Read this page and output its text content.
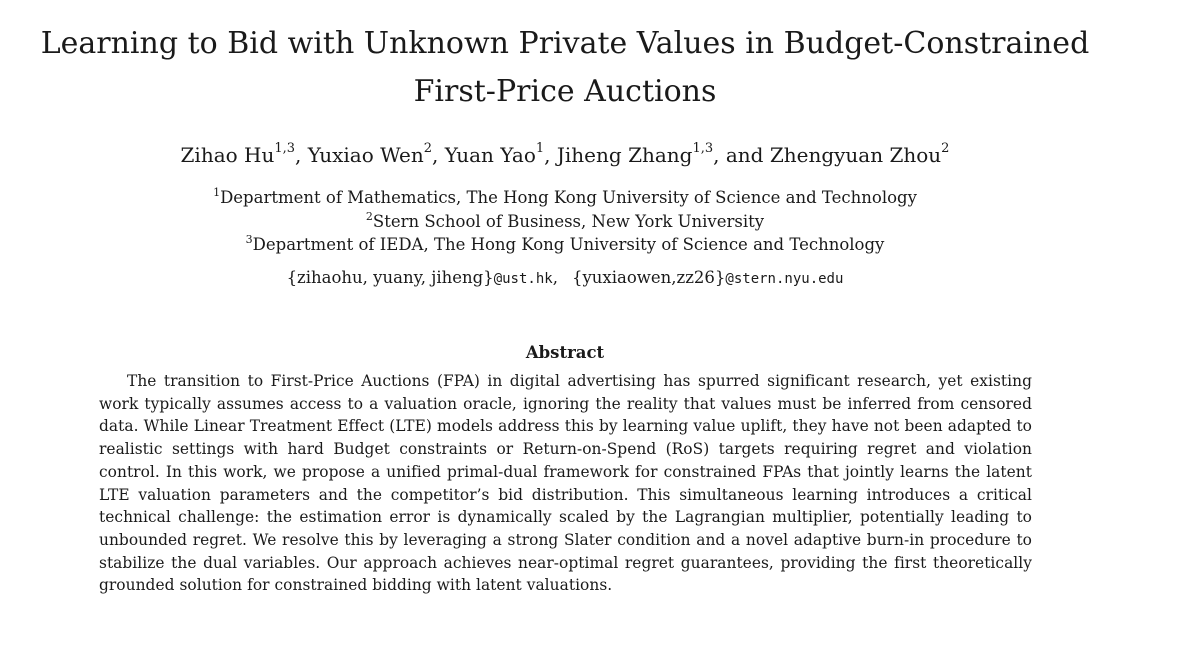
Learning to Bid with Unknown Private Values in Budget-Constrained
First-Price Auctions
Zihao Hu$^{1,3}$, Yuxiao Wen$^2$, Yuan Yao$^1$, Jiheng Zhang$^{1,3}$, and Zhengyuan Zhou$^2$
$^1$Department of Mathematics, The Hong Kong University of Science and Technology
$^2$Stern School of Business, New York University
$^3$Department of IEDA, The Hong Kong University of Science and Technology
{zihaohu, yuany, jiheng}@ust.hk, {yuxiaowen,zz26}@stern.nyu.edu
Abstract

The transition to First-Price Auctions (FPA) in digital advertising has spurred significant research, yet existing work typically assumes access to a valuation oracle, ignoring the reality that values must be inferred from censored data. While Linear Treatment Effect (LTE) models address this by learning value uplift, they have not been adapted to realistic settings with hard Budget constraints or Return-on-Spend (RoS) targets requiring regret and violation control. In this work, we propose a unified primal-dual framework for constrained FPAs that jointly learns the latent LTE valuation parameters and the competitor’s bid distribution. This simultaneous learning introduces a critical technical challenge: the estimation error is dynamically scaled by the Lagrangian multiplier, potentially leading to unbounded regret. We resolve this by leveraging a strong Slater condition and a novel adaptive burn-in procedure to stabilize the dual variables. Our approach achieves near-optimal regret guarantees, providing the first theoretically grounded solution for constrained bidding with latent valuations.
